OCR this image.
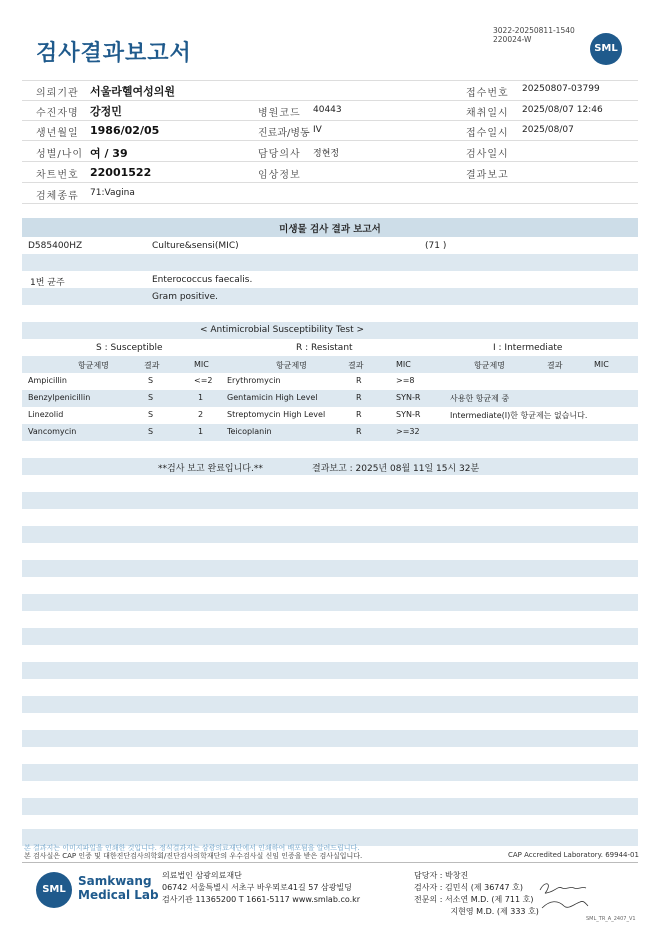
검사결과보고서
3022-20250811-1540
220024-W
SML
의뢰기관 서울라헬여성의원	접수번호 20250807-03799
수진자명 강정민	병원코드 40443	채취일시 2025/08/07 12:46
생년월일 1986/02/05	진료과/병동 IV	접수일시 2025/08/07
성별/나이 여 / 39	담당의사 정현정	검사일시
차트번호 22001522	임상정보	결과보고
검체종류 71:Vagina
미생물 검사 결과 보고서
D585400HZ	Culture&sensi(MIC)	(71 )
1번 균주	Enterococcus faecalis.
Gram positive.
< Antimicrobial Susceptibility Test >
S : Susceptible	R : Resistant	I : Intermediate
항균제명	결과	MIC	항균제명	결과	MIC	항균제명	결과	MIC
Ampicillin	S	<=2 Erythromycin	R	>=8
Benzylpenicillin	S	1	Gentamicin High Level	R	SYN-R	사용한 항균제 중
Linezolid	S	2	Streptomycin High Level	R	SYN-R	Intermediate(I)한 항균제는 없습니다.
Vancomycin	S	1	Teicoplanin	R	>=32
**검사 보고 완료입니다.**	결과보고 : 2025년 08월 11일 15시 32분
본 결과지는 이미지파일을 인쇄한 것입니다. 정식결과지는 삼광의료재단에서 인쇄하여 배포됨을 알려드립니다.
본 검사실은 CAP 인증 및 대한진단검사의학회/진단검사의학재단의 우수검사실 신임 인증을 받은 검사실입니다.	CAP Accredited Laboratory. 69944-01
SML
Samkwang
Medical Lab
의료법인 삼광의료재단
06742 서울특별시 서초구 바우뫼로41길 57 삼광빌딩
검사기관 11365200 T 1661-5117 www.smlab.co.kr
담당자 : 박창진
검사자 : 김민식 (제 36747 호)
전문의 : 서소연 M.D. (제 711 호)
지현영 M.D. (제 333 호)
SML_TR_A_2407_V1
